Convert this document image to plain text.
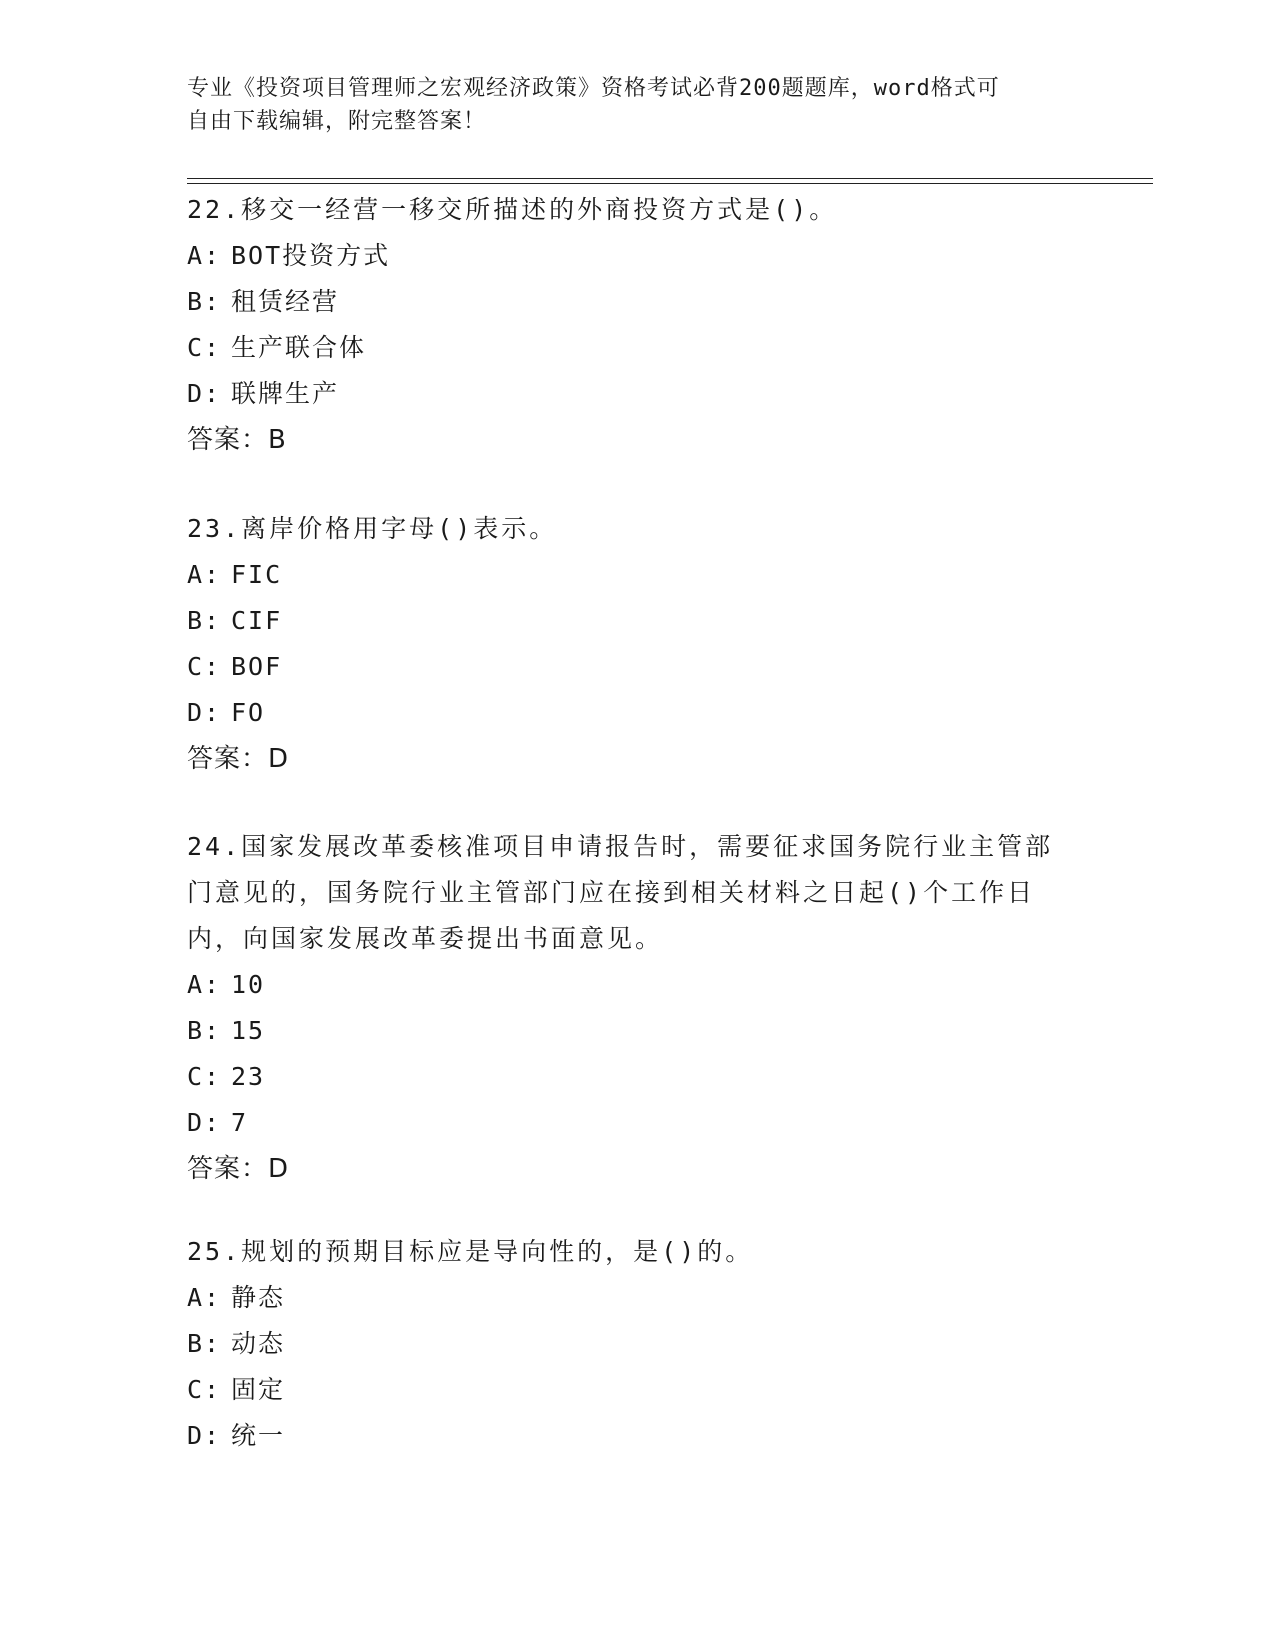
专业《投资项目管理师之宏观经济政策》资格考试必背200题题库，word格式可
自由下载编辑，附完整答案！
22.移交一经营一移交所描述的外商投资方式是()。
A: BOT投资方式
B: 租赁经营
C: 生产联合体
D: 联牌生产
答案：B
23.离岸价格用字母()表示。
A: FIC
B: CIF
C: BOF
D: FO
答案：D
24.国家发展改革委核准项目申请报告时，需要征求国务院行业主管部
门意见的，国务院行业主管部门应在接到相关材料之日起()个工作日
内，向国家发展改革委提出书面意见。
A: 10
B: 15
C: 23
D: 7
答案：D
25.规划的预期目标应是导向性的，是()的。
A: 静态
B: 动态
C: 固定
D: 统一
